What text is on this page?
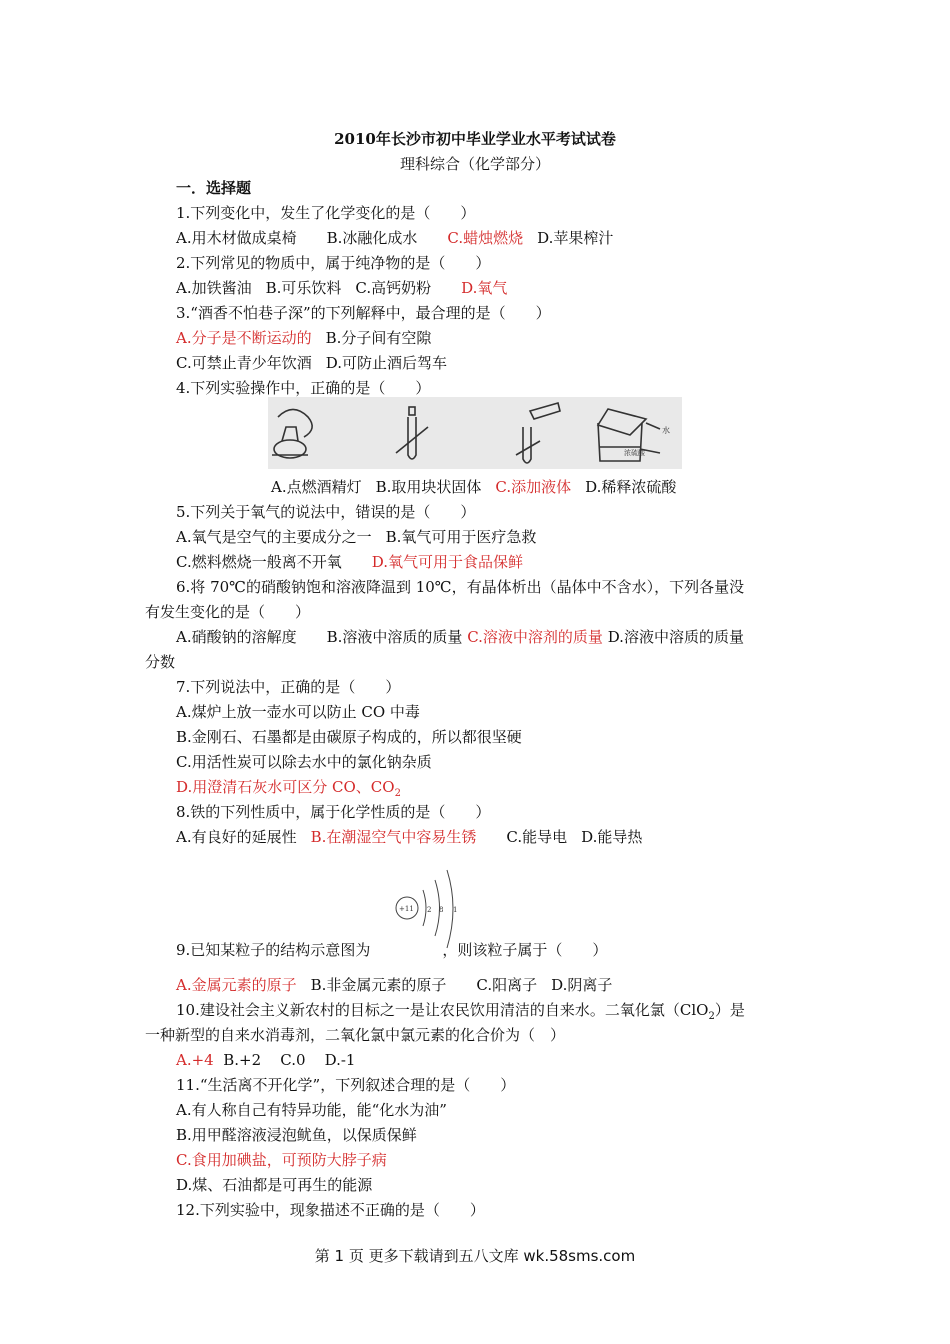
2010年长沙市初中毕业学业水平考试试卷
理科综合（化学部分）
一．选择题
1.下列变化中，发生了化学变化的是（　　）
A.用木材做成桌椅 B.冰融化成水 C.蜡烛燃烧 D.苹果榨汁
2.下列常见的物质中，属于纯净物的是（　　）
A.加铁酱油 B.可乐饮料 C.高钙奶粉 D.氧气
3.“酒香不怕巷子深”的下列解释中，最合理的是（　　）
A.分子是不断运动的 B.分子间有空隙
C.可禁止青少年饮酒 D.可防止酒后驾车
4.下列实验操作中，正确的是（　　）
水
浓硫酸
A.点燃酒精灯 B.取用块状固体 C.添加液体 D.稀释浓硫酸
5.下列关于氧气的说法中，错误的是（　　）
A.氧气是空气的主要成分之一 B.氧气可用于医疗急救
C.燃料燃烧一般离不开氧 D.氧气可用于食品保鲜
6.将 70℃的硝酸钠饱和溶液降温到 10℃，有晶体析出（晶体中不含水），下列各量没
有发生变化的是（　　）
A.硝酸钠的溶解度 B.溶液中溶质的质量 C.溶液中溶剂的质量 D.溶液中溶质的质量
分数
7.下列说法中，正确的是（　　）
A.煤炉上放一壶水可以防止 CO 中毒
B.金刚石、石墨都是由碳原子构成的，所以都很坚硬
C.用活性炭可以除去水中的氯化钠杂质
D.用澄清石灰水可区分 CO、$CO_2$
8.铁的下列性质中，属于化学性质的是（　　）
A.有良好的延展性 B.在潮湿空气中容易生锈 C.能导电 D.能导热
+11 2 8 1
9.已知某粒子的结构示意图为	，则该粒子属于（　　）
A.金属元素的原子 B.非金属元素的原子 C.阳离子 D.阴离子
10.建设社会主义新农村的目标之一是让农民饮用清洁的自来水。二氧化氯（ClO$_2$）是
一种新型的自来水消毒剂，二氧化氯中氯元素的化合价为（　）
A.+4 B.+2 C.0 D.-1
11.“生活离不开化学”，下列叙述合理的是（　　）
A.有人称自己有特异功能，能“化水为油”
B.用甲醛溶液浸泡鱿鱼，以保质保鲜
C.食用加碘盐，可预防大脖子病
D.煤、石油都是可再生的能源
12.下列实验中，现象描述不正确的是（　　）
第 1 页 更多下载请到五八文库 wk.58sms.com
